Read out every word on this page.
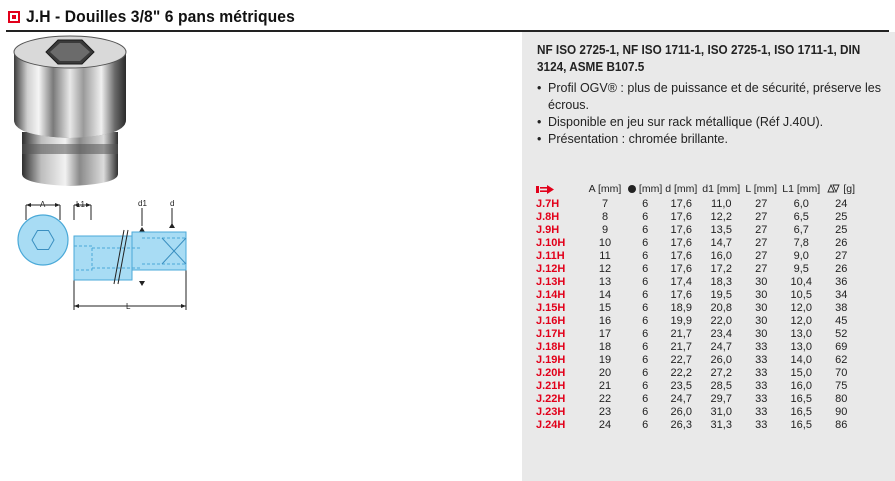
J.H - Douilles 3/8" 6 pans métriques
A	L1	d1	d
L
NF ISO 2725-1, NF ISO 1711-1, ISO 2725-1, ISO 1711-1, DIN 3124, ASME B107.5
• Profil OGV® : plus de puissance et de sécurité, préserve les écrous.
• Disponible en jeu sur rack métallique (Réf J.40U).
• Présentation : chromée brillante.
	A [mm]	[mm]	d [mm]	d1 [mm]	L [mm]	L1 [mm]	[g]
J.7H	7	6	17,6	11,0	27	6,0	24
J.8H	8	6	17,6	12,2	27	6,5	25
J.9H	9	6	17,6	13,5	27	6,7	25
J.10H	10	6	17,6	14,7	27	7,8	26
J.11H	11	6	17,6	16,0	27	9,0	27
J.12H	12	6	17,6	17,2	27	9,5	26
J.13H	13	6	17,4	18,3	30	10,4	36
J.14H	14	6	17,6	19,5	30	10,5	34
J.15H	15	6	18,9	20,8	30	12,0	38
J.16H	16	6	19,9	22,0	30	12,0	45
J.17H	17	6	21,7	23,4	30	13,0	52
J.18H	18	6	21,7	24,7	33	13,0	69
J.19H	19	6	22,7	26,0	33	14,0	62
J.20H	20	6	22,2	27,2	33	15,0	70
J.21H	21	6	23,5	28,5	33	16,0	75
J.22H	22	6	24,7	29,7	33	16,5	80
J.23H	23	6	26,0	31,0	33	16,5	90
J.24H	24	6	26,3	31,3	33	16,5	86
